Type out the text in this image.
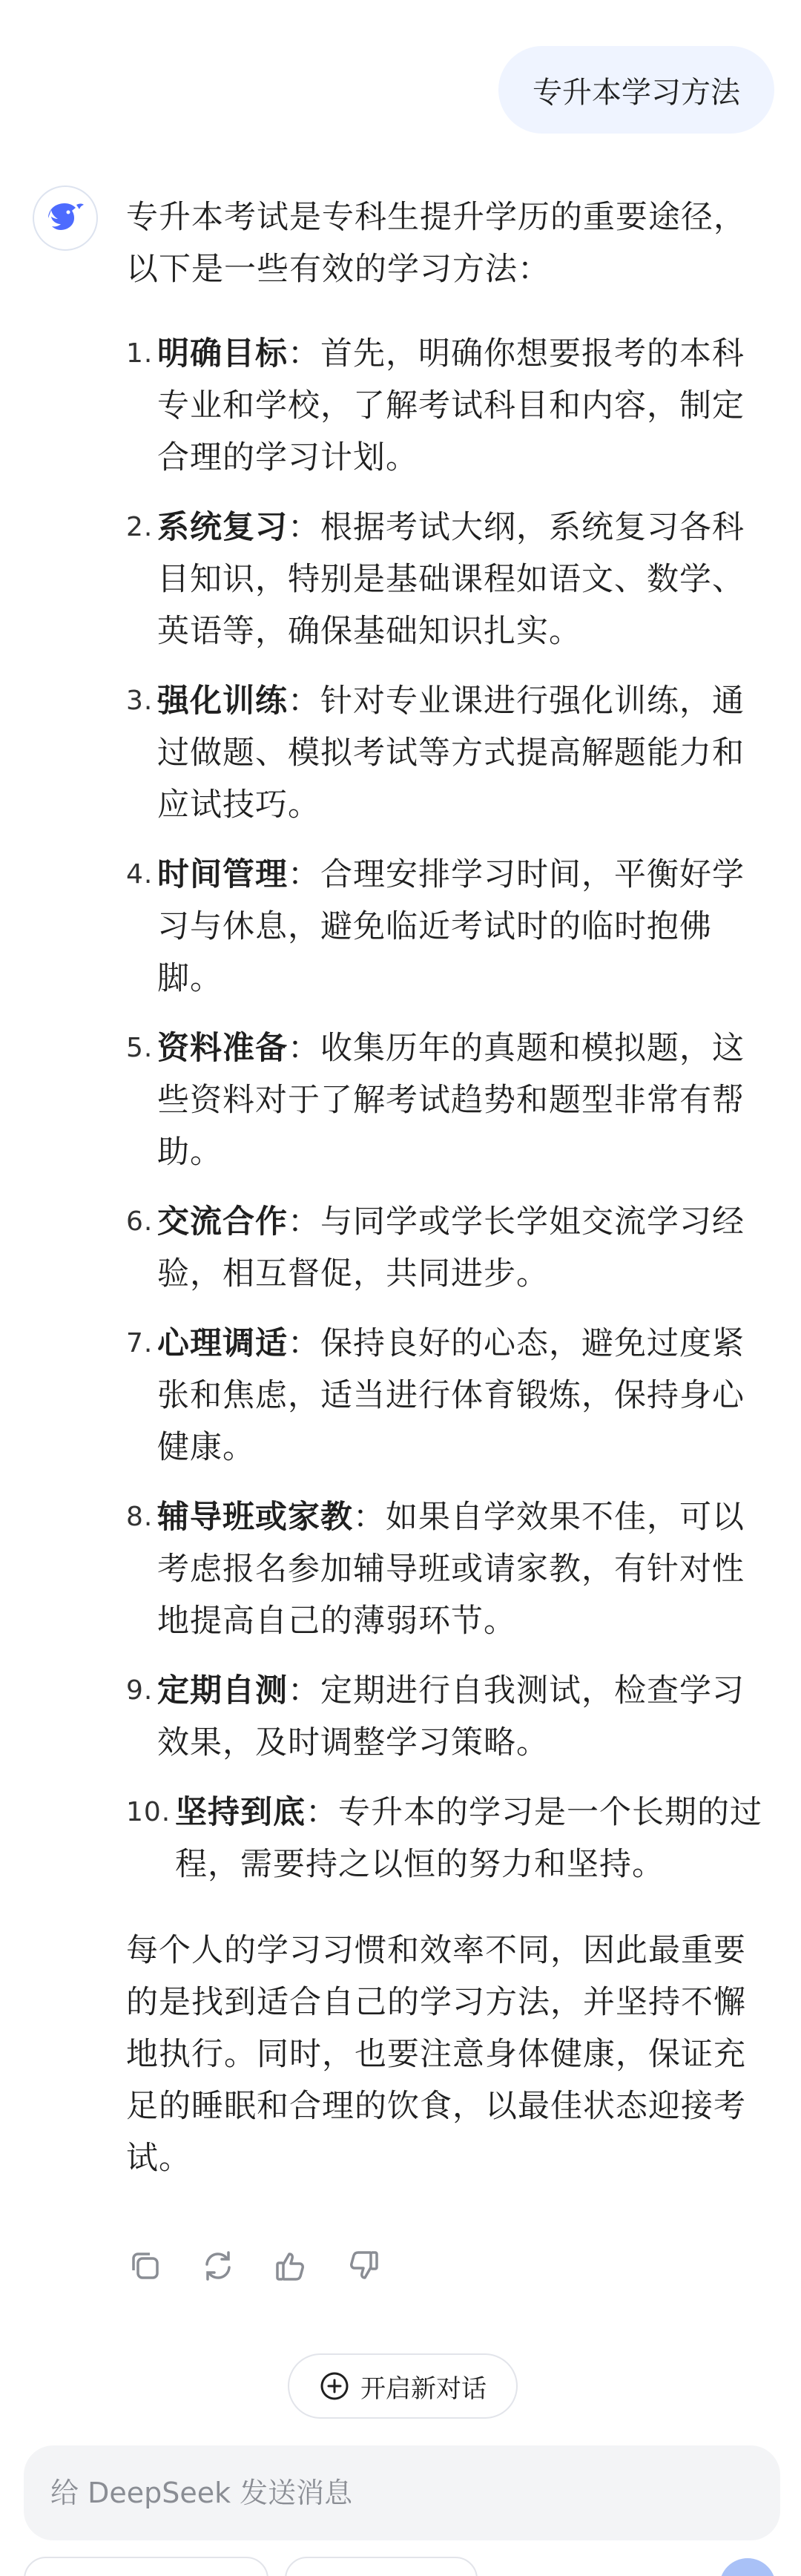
专升本学习方法

专升本考试是专科生提升学历的重要途径，以下是一些有效的学习方法：

1. 明确目标：首先，明确你想要报考的本科专业和学校，了解考试科目和内容，制定合理的学习计划。
2. 系统复习：根据考试大纲，系统复习各科目知识，特别是基础课程如语文、数学、英语等，确保基础知识扎实。
3. 强化训练：针对专业课进行强化训练，通过做题、模拟考试等方式提高解题能力和应试技巧。
4. 时间管理：合理安排学习时间，平衡好学习与休息，避免临近考试时的临时抱佛脚。
5. 资料准备：收集历年的真题和模拟题，这些资料对于了解考试趋势和题型非常有帮助。
6. 交流合作：与同学或学长学姐交流学习经验，相互督促，共同进步。
7. 心理调适：保持良好的心态，避免过度紧张和焦虑，适当进行体育锻炼，保持身心健康。
8. 辅导班或家教：如果自学效果不佳，可以考虑报名参加辅导班或请家教，有针对性地提高自己的薄弱环节。
9. 定期自测：定期进行自我测试，检查学习效果，及时调整学习策略。
10. 坚持到底：专升本的学习是一个长期的过程，需要持之以恒的努力和坚持。

每个人的学习习惯和效率不同，因此最重要的是找到适合自己的学习方法，并坚持不懈地执行。同时，也要注意身体健康，保证充足的睡眠和合理的饮食，以最佳状态迎接考试。

开启新对话
给 DeepSeek 发送消息
